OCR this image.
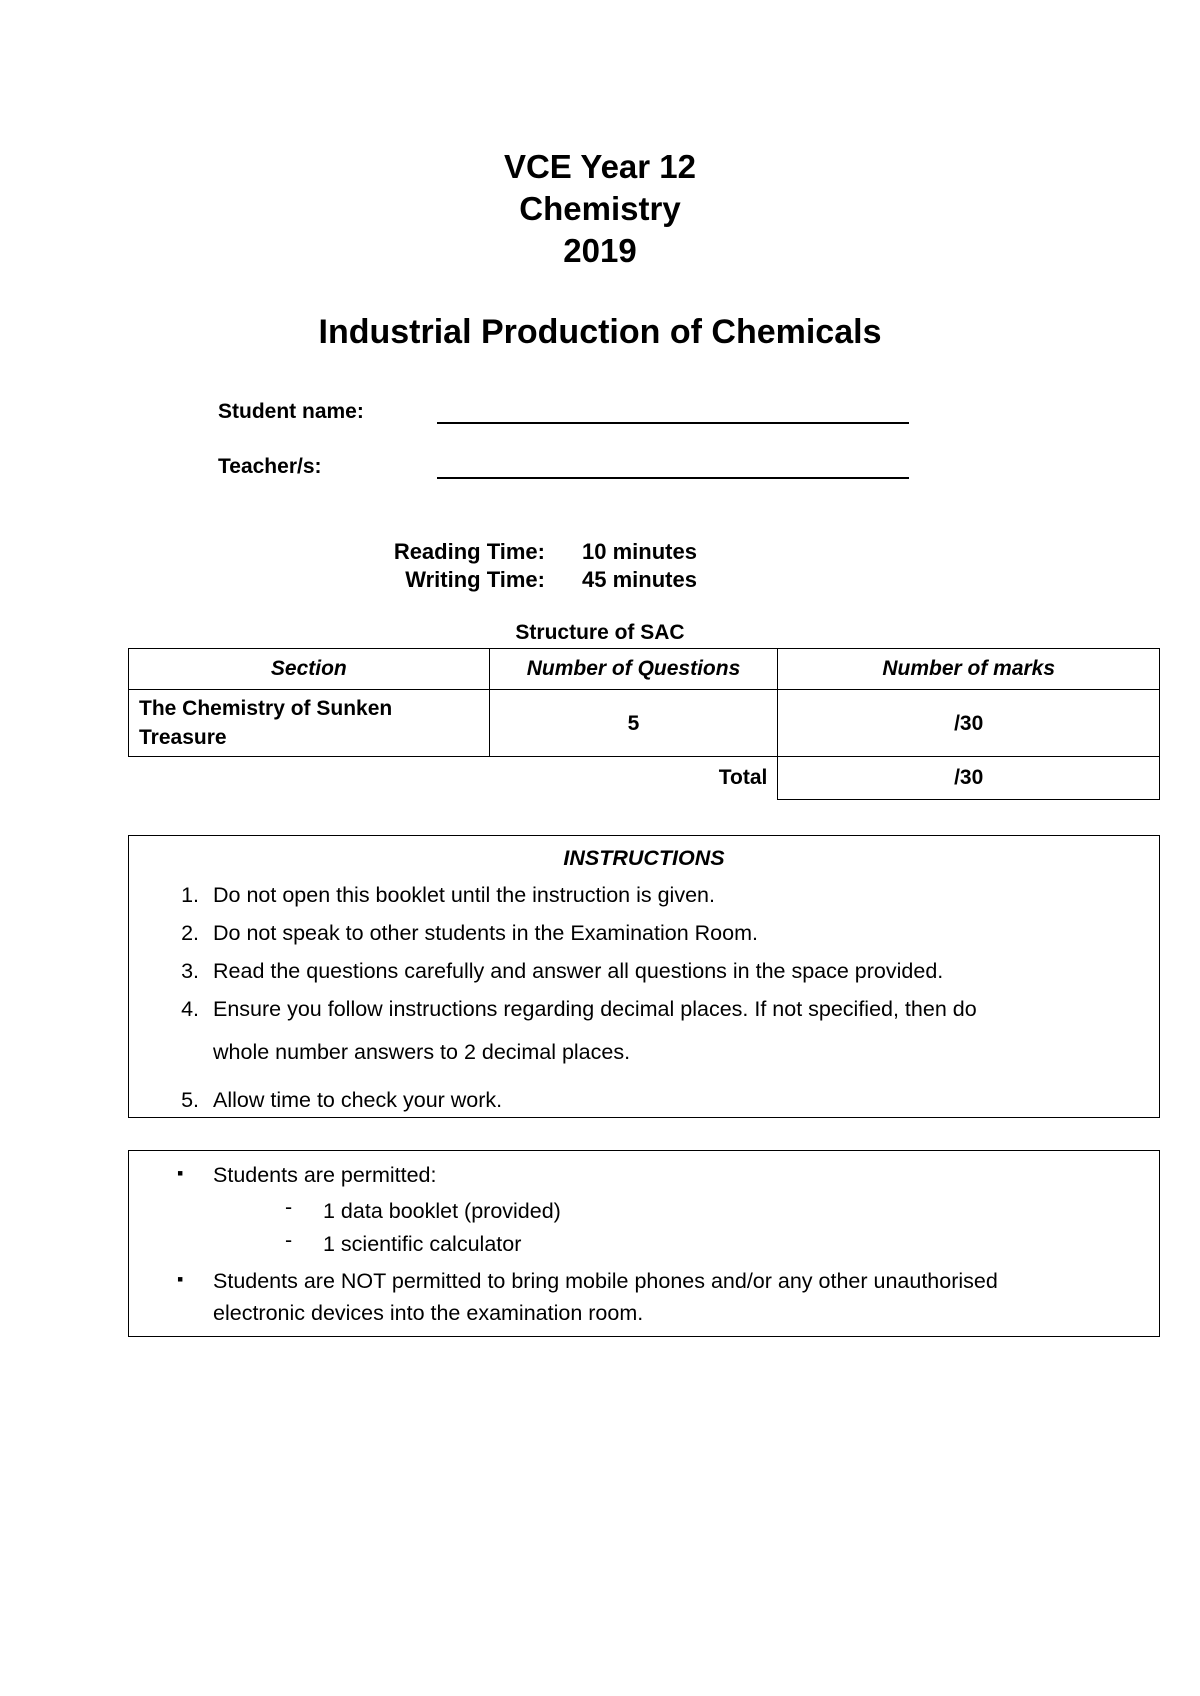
VCE Year 12
Chemistry
2019
Industrial Production of Chemicals
Student name:
Teacher/s:
Reading Time: 10 minutes
Writing Time: 45 minutes
Structure of SAC
Section	Number of Questions	Number of marks
The Chemistry of Sunken Treasure	5	/30
Total		/30
INSTRUCTIONS
1. Do not open this booklet until the instruction is given.
2. Do not speak to other students in the Examination Room.
3. Read the questions carefully and answer all questions in the space provided.
4. Ensure you follow instructions regarding decimal places. If not specified, then do
whole number answers to 2 decimal places.
5. Allow time to check your work.
▪ Students are permitted:
- 1 data booklet (provided)
- 1 scientific calculator
▪ Students are NOT permitted to bring mobile phones and/or any other unauthorised
electronic devices into the examination room.
